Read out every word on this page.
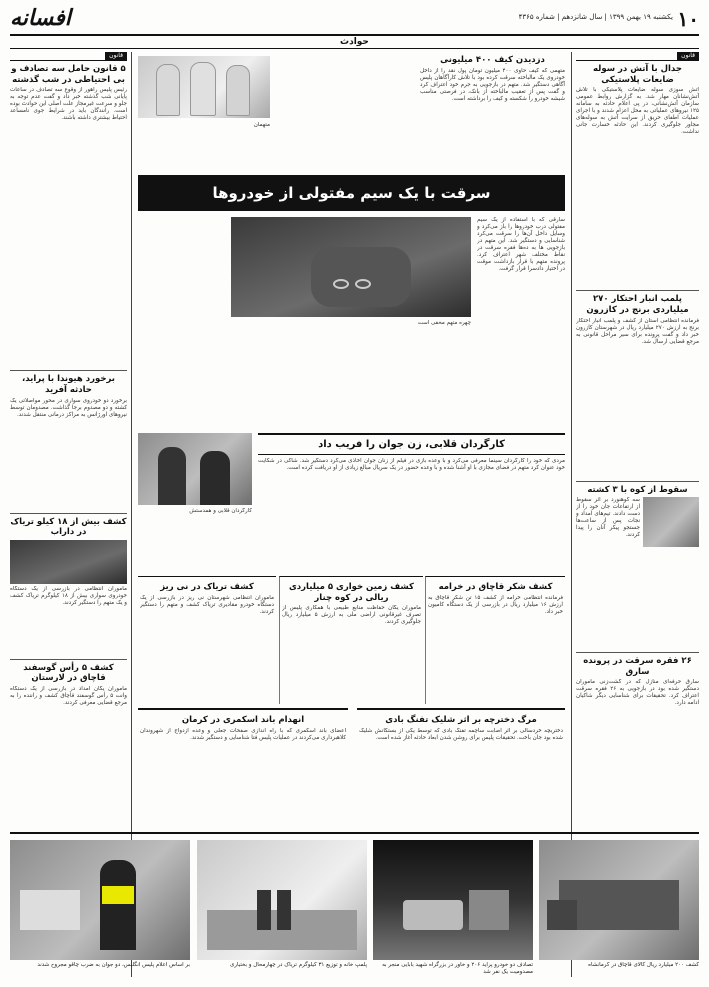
۱۰
یکشنبه ۱۹ بهمن ۱۳۹۹ | سال شانزدهم | شماره ۴۳۶۵
افسانه
حوادث
قانون
جدال با آتش در سوله ضایعات پلاستیکی
آتش سوزی سوله ضایعات پلاستیکی با تلاش آتش‌نشانان مهار شد. به گزارش روابط عمومی سازمان آتش‌نشانی، در پی اعلام حادثه به سامانه ۱۲۵ نیروهای عملیاتی به محل اعزام شدند و با اجرای عملیات اطفای حریق از سرایت آتش به سوله‌های مجاور جلوگیری کردند. این حادثه خسارت جانی نداشت.
پلمب انبار احتکار ۲۷۰ میلیاردی برنج در کازرون
فرمانده انتظامی استان از کشف و پلمب انبار احتکار برنج به ارزش ۲۷۰ میلیارد ریال در شهرستان کازرون خبر داد و گفت پرونده برای سیر مراحل قانونی به مرجع قضایی ارسال شد.
سقوط از کوه با ۳ کشته
سه کوهنورد بر اثر سقوط از ارتفاعات جان خود را از دست دادند. تیم‌های امداد و نجات پس از ساعت‌ها جستجو پیکر آنان را پیدا کردند.
۲۶ فقره سرقت در پرونده سارق
سارق حرفه‌ای منازل که در گشت‌زنی ماموران دستگیر شده بود در بازجویی به ۲۶ فقره سرقت اعتراف کرد. تحقیقات برای شناسایی دیگر شاکیان ادامه دارد.
قانون
۵ قانون حامل سه تصادف و بی احتیاطی در شب گذشته
رئیس پلیس راهور از وقوع سه تصادف در ساعات پایانی شب گذشته خبر داد و گفت عدم توجه به جلو و سرعت غیرمجاز علت اصلی این حوادث بوده است. رانندگان باید در شرایط جوی نامساعد احتیاط بیشتری داشته باشند.
برخورد هیوندا با پراید، حادثه آفرید
برخورد دو خودروی سواری در محور مواصلاتی یک کشته و دو مصدوم برجا گذاشت. مصدومان توسط نیروهای اورژانس به مراکز درمانی منتقل شدند.
کشف بیش از ۱۸ کیلو تریاک در داراب
ماموران انتظامی در بازرسی از یک دستگاه خودروی سواری بیش از ۱۸ کیلوگرم تریاک کشف و یک متهم را دستگیر کردند.
کشف ۵ رأس گوسفند قاچاق در لارستان
ماموران یگان امداد در بازرسی از یک دستگاه وانت ۵ رأس گوسفند قاچاق کشف و راننده را به مرجع قضایی معرفی کردند.
دزدیدن کیف ۴۰۰ میلیونی
متهمی که کیف حاوی ۴۰۰ میلیون تومان پول نقد را از داخل خودروی یک مالباخته سرقت کرده بود با تلاش کارآگاهان پلیس آگاهی دستگیر شد. متهم در بازجویی به جرم خود اعتراف کرد و گفت پس از تعقیب مالباخته از بانک، در فرصتی مناسب شیشه خودرو را شکسته و کیف را برداشته است.
متهمان
سرقت با یک سیم مفتولی از خودروها
سارقی که با استفاده از یک سیم مفتولی درب خودروها را باز می‌کرد و وسایل داخل آن‌ها را سرقت می‌کرد شناسایی و دستگیر شد. این متهم در بازجویی ها به ده‌ها فقره سرقت در نقاط مختلف شهر اعتراف کرد. پرونده متهم با قرار بازداشت موقت در اختیار دادسرا قرار گرفت.
چهره متهم مخفی است
کارگردان قلابی، زن جوان را فریب داد
کارگردان قلابی و همدستش
مردی که خود را کارگردان سینما معرفی می‌کرد و با وعده بازی در فیلم از زنان جوان اخاذی می‌کرد دستگیر شد. شاکی در شکایت خود عنوان کرد متهم در فضای مجازی با او آشنا شده و با وعده حضور در یک سریال مبالغ زیادی از او دریافت کرده است.
کشف شکر قاچاق در خرامه
فرمانده انتظامی خرامه از کشف ۱۵ تن شکر قاچاق به ارزش ۱۶ میلیارد ریال در بازرسی از یک دستگاه کامیون خبر داد.
کشف زمین خواری ۵ میلیاردی ریالی در کوه چنار
ماموران یگان حفاظت منابع طبیعی با همکاری پلیس از تصرف غیرقانونی اراضی ملی به ارزش ۵ میلیارد ریال جلوگیری کردند.
کشف تریاک در نی ریز
ماموران انتظامی شهرستان نی ریز در بازرسی از یک دستگاه خودرو مقادیری تریاک کشف و متهم را دستگیر کردند.
مرگ دخترچه بر اثر شلیک تفنگ بادی
دختربچه خردسالی بر اثر اصابت ساچمه تفنگ بادی که توسط یکی از بستگانش شلیک شده بود جان باخت. تحقیقات پلیس برای روشن شدن ابعاد حادثه آغاز شده است.
انهدام باند اسکمری در کرمان
اعضای باند اسکمری که با راه اندازی صفحات جعلی و وعده ازدواج از شهروندان کلاهبرداری می‌کردند در عملیات پلیس فتا شناسایی و دستگیر شدند.
کشف ۲۰۰ میلیارد ریال کالای قاچاق در کرمانشاه
تصادف دو خودرو پراید ۲۰۶ و خاور در بزرگراه شهید بابایی منجر به مصدومیت یک نفر شد
پلمپ خانه و توزیع ۳۱ کیلوگرم تریاک در چهارمحال و بختیاری
بر اساس اعلام پلیس انگلیس، دو جوان به ضرب چاقو مجروح شدند
